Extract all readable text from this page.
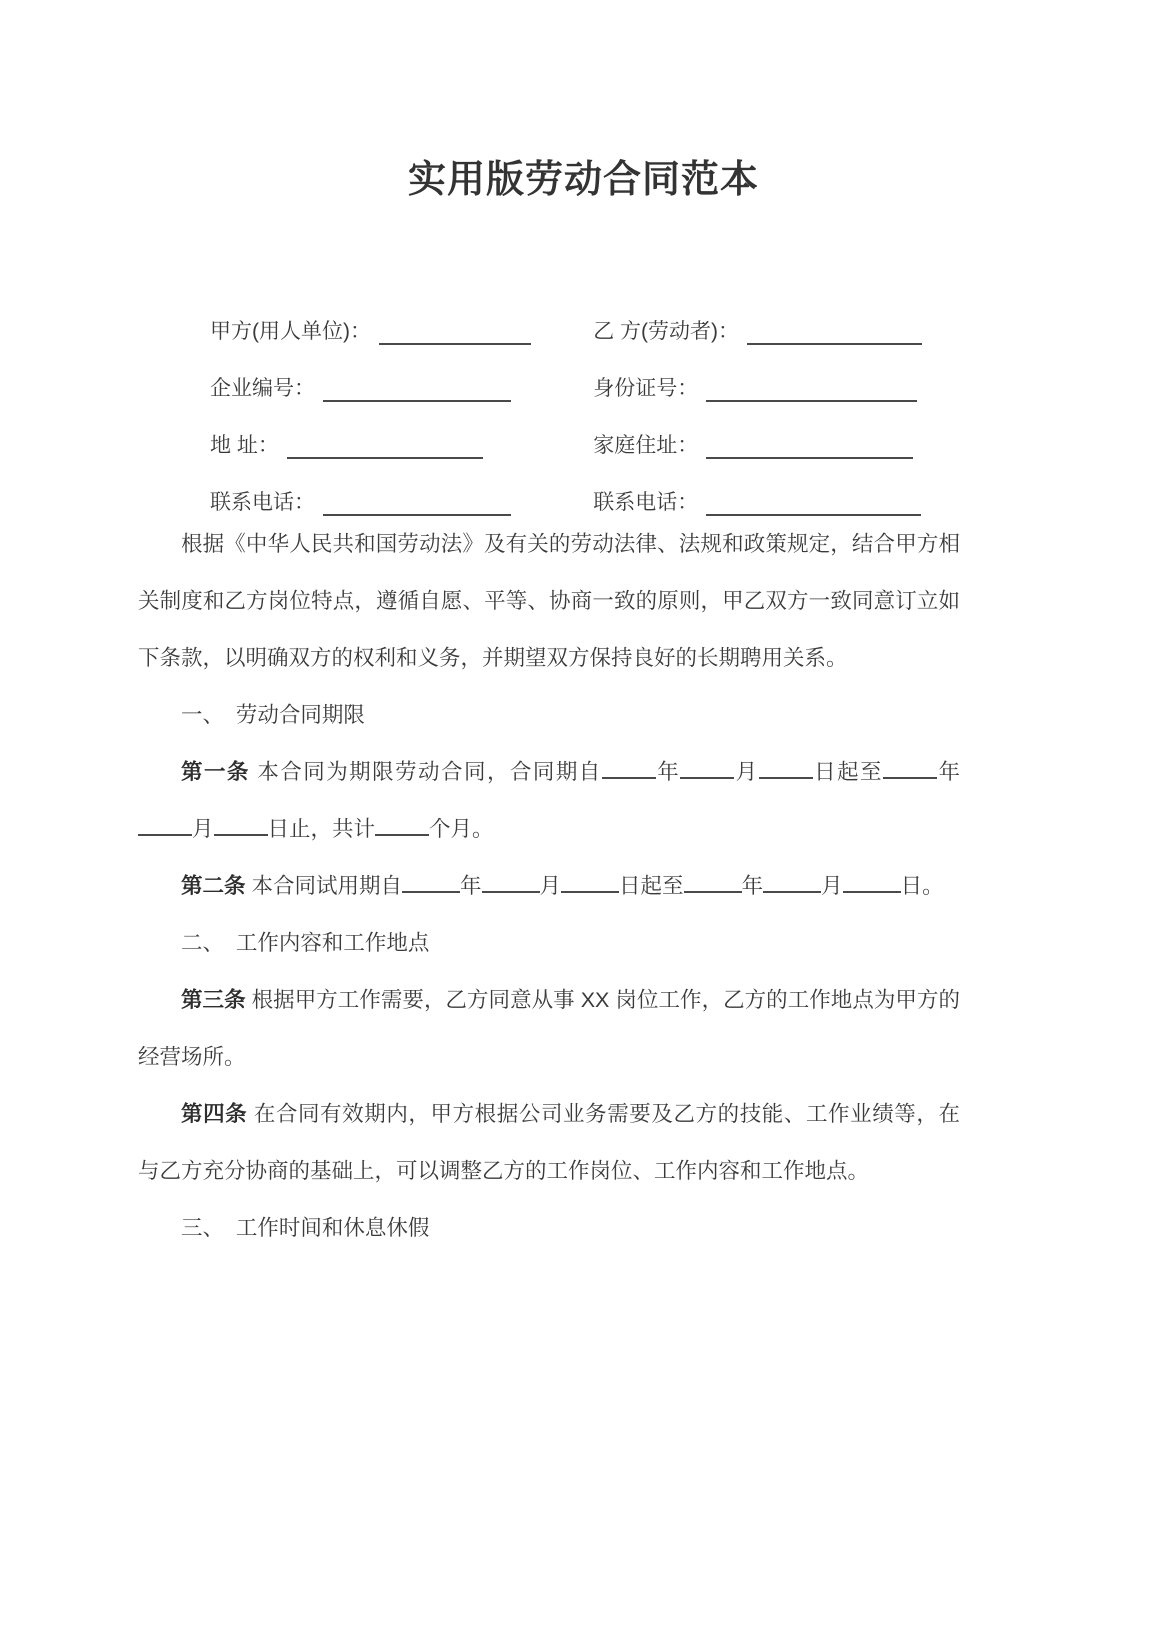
实用版劳动合同范本
甲方(用人单位)：	乙 方(劳动者)：
企业编号：	身份证号：
地 址：	家庭住址：
联系电话：	联系电话：

根据《中华人民共和国劳动法》及有关的劳动法律、法规和政策规定，结合甲方相关制度和乙方岗位特点，遵循自愿、平等、协商一致的原则，甲乙双方一致同意订立如下条款，以明确双方的权利和义务，并期望双方保持良好的长期聘用关系。

一、 劳动合同期限

第一条 本合同为期限劳动合同，合同期自	年	月	日起至	年月	日止，共计	个月。

第二条 本合同试用期自	年	月	日起至	年	月	日。

二、 工作内容和工作地点

第三条 根据甲方工作需要，乙方同意从事 XX 岗位工作，乙方的工作地点为甲方的经营场所。

第四条 在合同有效期内，甲方根据公司业务需要及乙方的技能、工作业绩等，在与乙方充分协商的基础上，可以调整乙方的工作岗位、工作内容和工作地点。

三、 工作时间和休息休假
